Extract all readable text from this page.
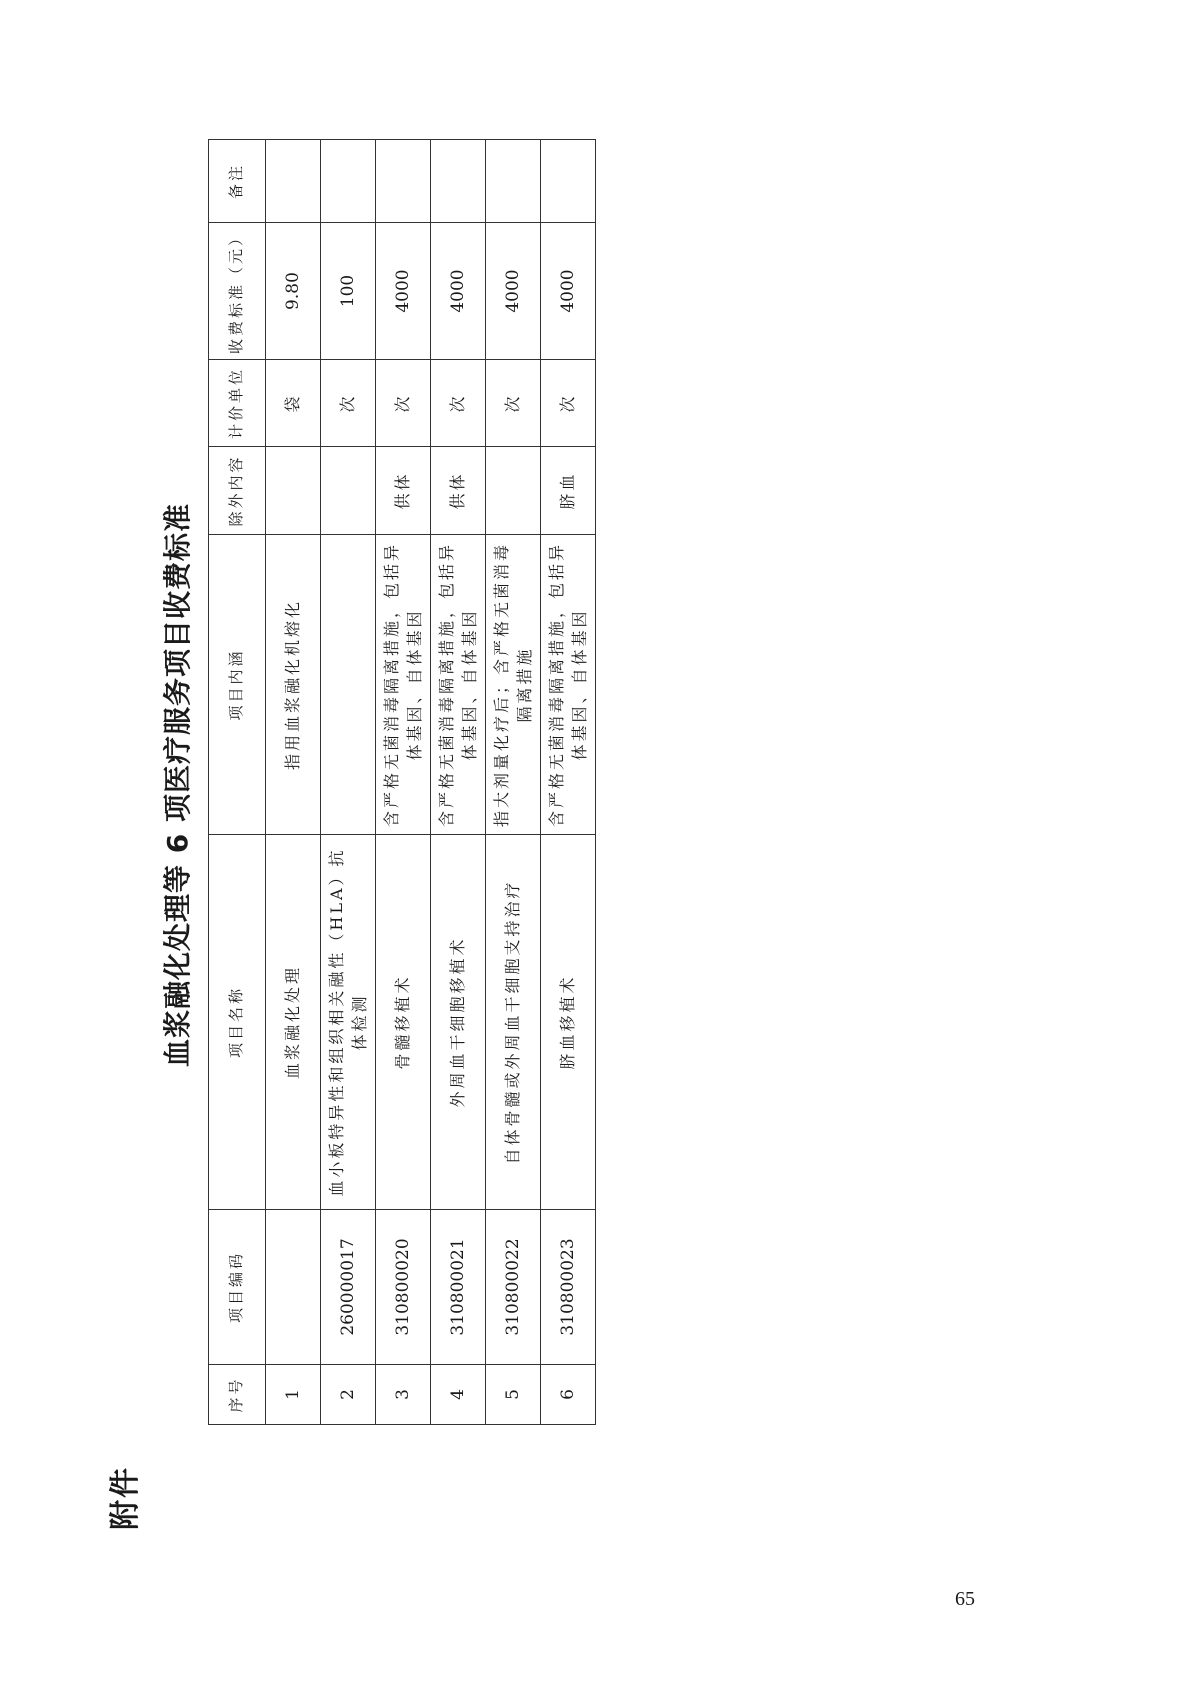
附件
血浆融化处理等 6 项医疗服务项目收费标准
序号	项目编码	项目名称	项目内涵	除外内容	计价单位	收费标准（元）	备注
1		血浆融化处理	指用血浆融化机熔化		袋	9.80	
2	260000017	血小板特异性和组织相关融性（HLA）抗体检测			次	100	
3	310800020	骨髓移植术	含严格无菌消毒隔离措施，包括异体基因、自体基因	供体	次	4000	
4	310800021	外周血干细胞移植术	含严格无菌消毒隔离措施，包括异体基因、自体基因	供体	次	4000	
5	310800022	自体骨髓或外周血干细胞支持治疗	指大剂量化疗后；含严格无菌消毒隔离措施		次	4000	
6	310800023	脐血移植术	含严格无菌消毒隔离措施，包括异体基因、自体基因	脐血	次	4000	
65
